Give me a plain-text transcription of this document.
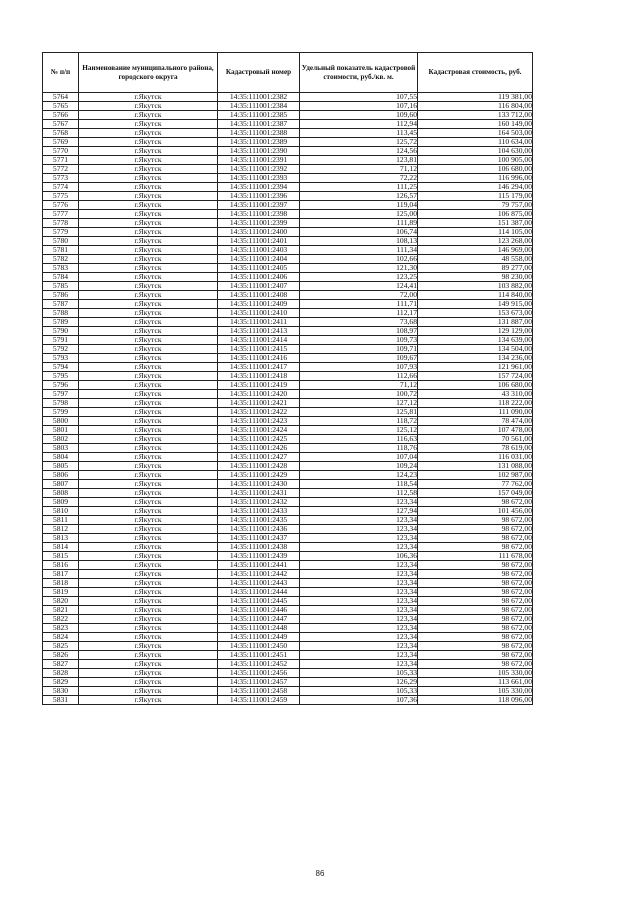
№ п/п	Наименование муниципального района, городского округа	Кадастровый номер	Удельный показатель кадастровой стоимости, руб./кв. м.	Кадастровая стоимость, руб.
5764	г.Якутск	14:35:111001:2382	107,55	119 381,00
5765	г.Якутск	14:35:111001:2384	107,16	116 804,00
5766	г.Якутск	14:35:111001:2385	109,60	133 712,00
5767	г.Якутск	14:35:111001:2387	112,94	160 149,00
5768	г.Якутск	14:35:111001:2388	113,45	164 503,00
5769	г.Якутск	14:35:111001:2389	125,72	110 634,00
5770	г.Якутск	14:35:111001:2390	124,56	104 630,00
5771	г.Якутск	14:35:111001:2391	123,81	100 905,00
5772	г.Якутск	14:35:111001:2392	71,12	106 680,00
5773	г.Якутск	14:35:111001:2393	72,22	116 996,00
5774	г.Якутск	14:35:111001:2394	111,25	146 294,00
5775	г.Якутск	14:35:111001:2396	126,57	115 179,00
5776	г.Якутск	14:35:111001:2397	119,04	79 757,00
5777	г.Якутск	14:35:111001:2398	125,00	106 875,00
5778	г.Якутск	14:35:111001:2399	111,89	151 387,00
5779	г.Якутск	14:35:111001:2400	106,74	114 105,00
5780	г.Якутск	14:35:111001:2401	108,13	123 268,00
5781	г.Якутск	14:35:111001:2403	111,34	146 969,00
5782	г.Якутск	14:35:111001:2404	102,66	48 558,00
5783	г.Якутск	14:35:111001:2405	121,30	89 277,00
5784	г.Якутск	14:35:111001:2406	123,25	98 230,00
5785	г.Якутск	14:35:111001:2407	124,41	103 882,00
5786	г.Якутск	14:35:111001:2408	72,00	114 840,00
5787	г.Якутск	14:35:111001:2409	111,71	149 915,00
5788	г.Якутск	14:35:111001:2410	112,17	153 673,00
5789	г.Якутск	14:35:111001:2411	73,68	131 887,00
5790	г.Якутск	14:35:111001:2413	108,97	129 129,00
5791	г.Якутск	14:35:111001:2414	109,73	134 639,00
5792	г.Якутск	14:35:111001:2415	109,71	134 504,00
5793	г.Якутск	14:35:111001:2416	109,67	134 236,00
5794	г.Якутск	14:35:111001:2417	107,93	121 961,00
5795	г.Якутск	14:35:111001:2418	112,66	157 724,00
5796	г.Якутск	14:35:111001:2419	71,12	106 680,00
5797	г.Якутск	14:35:111001:2420	100,72	43 310,00
5798	г.Якутск	14:35:111001:2421	127,12	118 222,00
5799	г.Якутск	14:35:111001:2422	125,81	111 090,00
5800	г.Якутск	14:35:111001:2423	118,72	78 474,00
5801	г.Якутск	14:35:111001:2424	125,12	107 478,00
5802	г.Якутск	14:35:111001:2425	116,63	70 561,00
5803	г.Якутск	14:35:111001:2426	118,76	78 619,00
5804	г.Якутск	14:35:111001:2427	107,04	116 031,00
5805	г.Якутск	14:35:111001:2428	109,24	131 088,00
5806	г.Якутск	14:35:111001:2429	124,23	102 987,00
5807	г.Якутск	14:35:111001:2430	118,54	77 762,00
5808	г.Якутск	14:35:111001:2431	112,58	157 049,00
5809	г.Якутск	14:35:111001:2432	123,34	98 672,00
5810	г.Якутск	14:35:111001:2433	127,94	101 456,00
5811	г.Якутск	14:35:111001:2435	123,34	98 672,00
5812	г.Якутск	14:35:111001:2436	123,34	98 672,00
5813	г.Якутск	14:35:111001:2437	123,34	98 672,00
5814	г.Якутск	14:35:111001:2438	123,34	98 672,00
5815	г.Якутск	14:35:111001:2439	106,36	111 678,00
5816	г.Якутск	14:35:111001:2441	123,34	98 672,00
5817	г.Якутск	14:35:111001:2442	123,34	98 672,00
5818	г.Якутск	14:35:111001:2443	123,34	98 672,00
5819	г.Якутск	14:35:111001:2444	123,34	98 672,00
5820	г.Якутск	14:35:111001:2445	123,34	98 672,00
5821	г.Якутск	14:35:111001:2446	123,34	98 672,00
5822	г.Якутск	14:35:111001:2447	123,34	98 672,00
5823	г.Якутск	14:35:111001:2448	123,34	98 672,00
5824	г.Якутск	14:35:111001:2449	123,34	98 672,00
5825	г.Якутск	14:35:111001:2450	123,34	98 672,00
5826	г.Якутск	14:35:111001:2451	123,34	98 672,00
5827	г.Якутск	14:35:111001:2452	123,34	98 672,00
5828	г.Якутск	14:35:111001:2456	105,33	105 330,00
5829	г.Якутск	14:35:111001:2457	126,29	113 661,00
5830	г.Якутск	14:35:111001:2458	105,33	105 330,00
5831	г.Якутск	14:35:111001:2459	107,36	118 096,00
86
